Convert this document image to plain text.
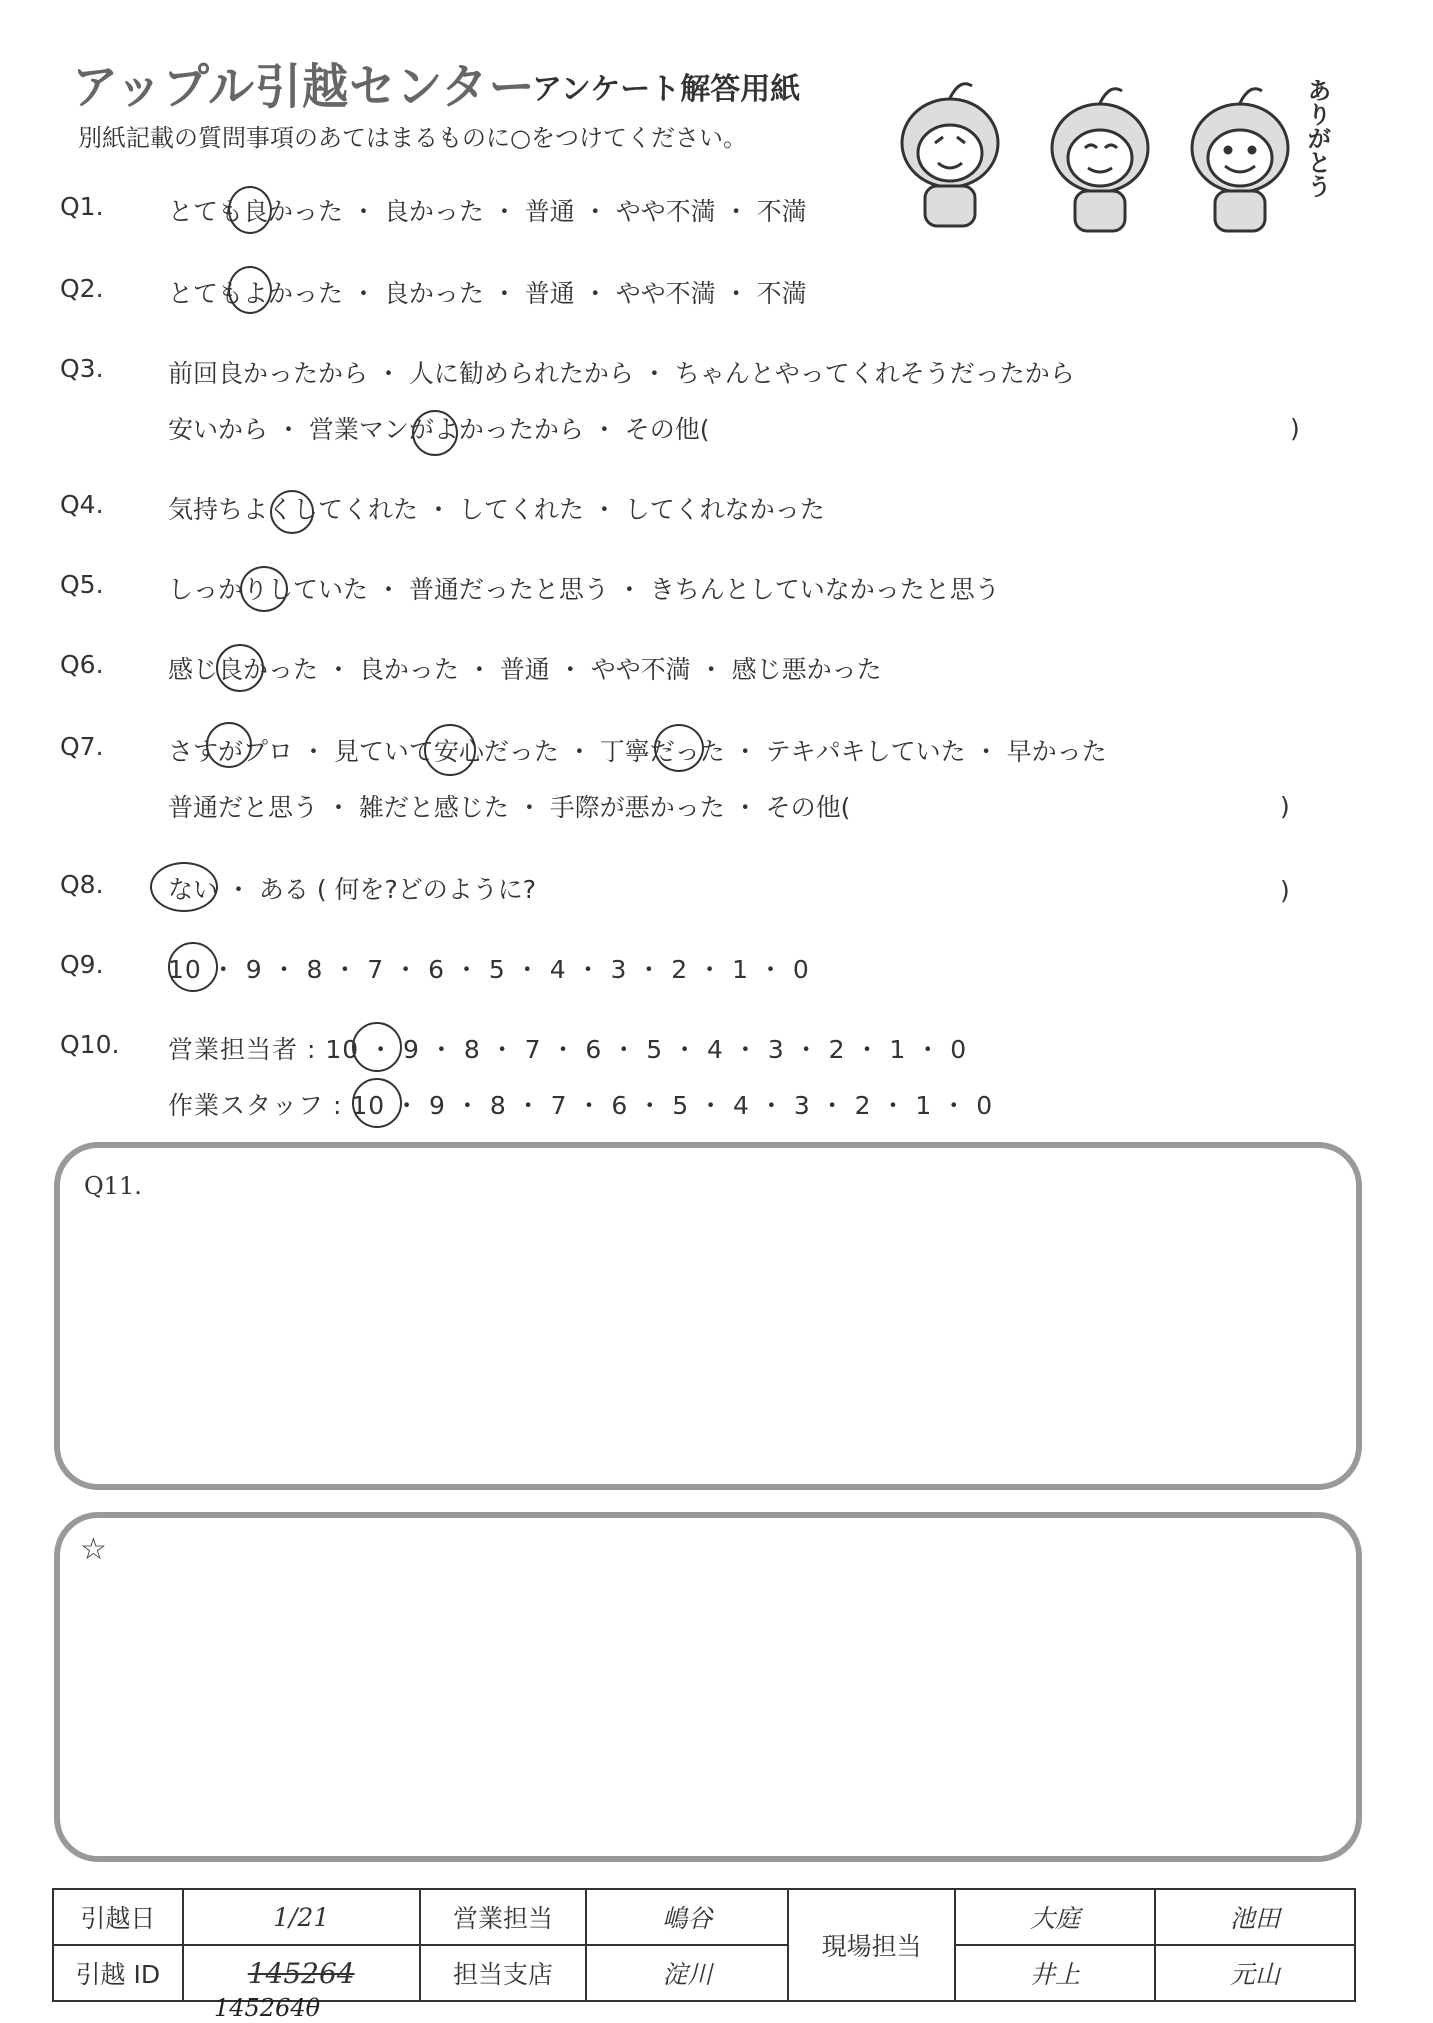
アップル引越センター
アンケート解答用紙
別紙記載の質問事項のあてはまるものに○をつけてください。	ありがとう
Q1.	とても良かった ・ 良かった ・ 普通 ・ やや不満 ・ 不満
Q2.	とてもよかった ・ 良かった ・ 普通 ・ やや不満 ・ 不満
Q3.	前回良かったから ・ 人に勧められたから ・ ちゃんとやってくれそうだったから
安いから ・ 営業マンがよかったから ・ その他(	)
Q4.	気持ちよくしてくれた ・ してくれた ・ してくれなかった
Q5.	しっかりしていた ・ 普通だったと思う ・ きちんとしていなかったと思う
Q6.	感じ良かった ・ 良かった ・ 普通 ・ やや不満 ・ 感じ悪かった
Q7.	さすがプロ ・ 見ていて安心だった ・ 丁寧だった ・ テキパキしていた ・ 早かった
普通だと思う ・ 雑だと感じた ・ 手際が悪かった ・ その他(	)
Q8.	ない ・ ある ( 何を?どのように?	)
Q9.	10 ・ 9 ・ 8 ・ 7 ・ 6 ・ 5 ・ 4 ・ 3 ・ 2 ・ 1 ・ 0
Q10.	営業担当者 : 10 ・ 9 ・ 8 ・ 7 ・ 6 ・ 5 ・ 4 ・ 3 ・ 2 ・ 1 ・ 0
作業スタッフ : 10 ・ 9 ・ 8 ・ 7 ・ 6 ・ 5 ・ 4 ・ 3 ・ 2 ・ 1 ・ 0
Q11.
☆
引越日	1/21	営業担当	嶋谷	現場担当	大庭	池田
引越 ID	145264	担当支店	淀川		井上	元山
145264θ
